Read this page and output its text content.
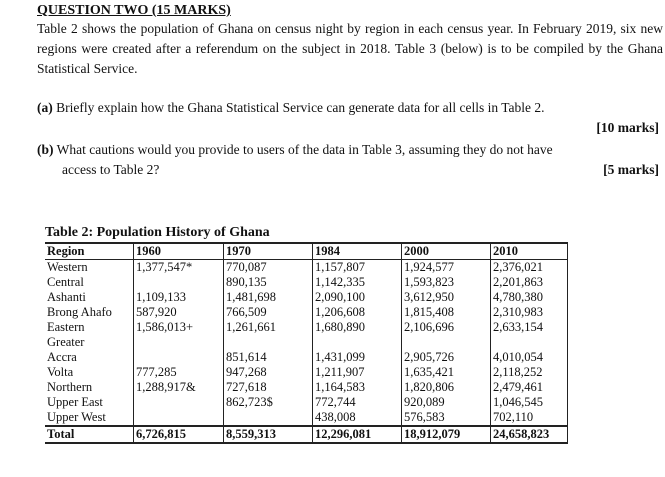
QUESTION TWO (15 MARKS)
Table 2 shows the population of Ghana on census night by region in each census year. In February 2019, six new regions were created after a referendum on the subject in 2018. Table 3 (below) is to be compiled by the Ghana Statistical Service.
(a) Briefly explain how the Ghana Statistical Service can generate data for all cells in Table 2.
[10 marks]
(b) What cautions would you provide to users of the data in Table 3, assuming they do not have
access to Table 2?	[5 marks]
Table 2: Population History of Ghana
Region	1960	1970	1984	2000	2010
Western	1,377,547*	770,087	1,157,807	1,924,577	2,376,021
Central		890,135	1,142,335	1,593,823	2,201,863
Ashanti	1,109,133	1,481,698	2,090,100	3,612,950	4,780,380
Brong Ahafo	587,920	766,509	1,206,608	1,815,408	2,310,983
Eastern	1,586,013+	1,261,661	1,680,890	2,106,696	2,633,154
Greater					
Accra		851,614	1,431,099	2,905,726	4,010,054
Volta	777,285	947,268	1,211,907	1,635,421	2,118,252
Northern	1,288,917&	727,618	1,164,583	1,820,806	2,479,461
Upper East		862,723$	772,744	920,089	1,046,545
Upper West			438,008	576,583	702,110
Total	6,726,815	8,559,313	12,296,081	18,912,079	24,658,823
